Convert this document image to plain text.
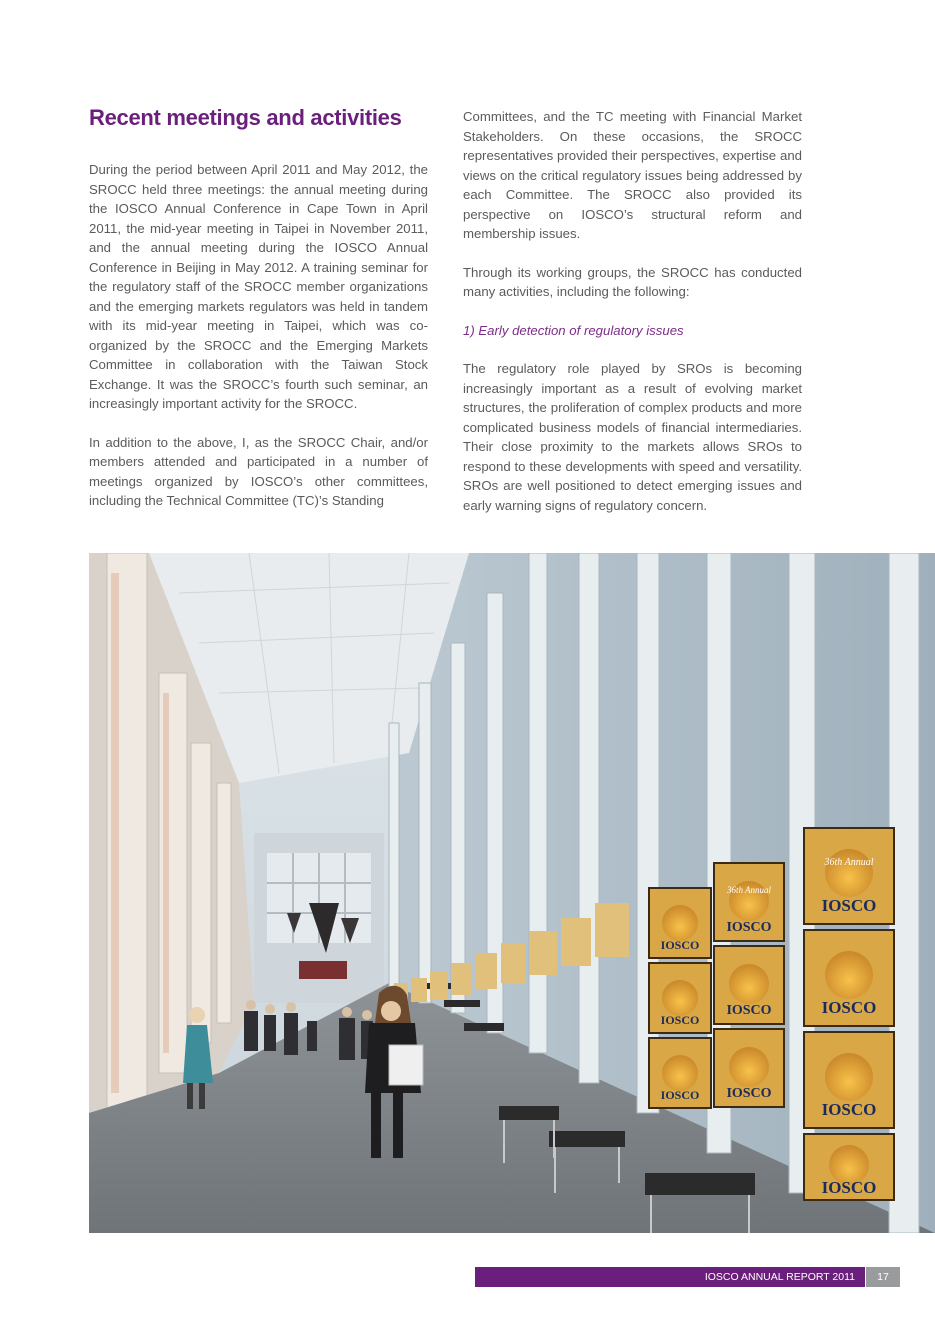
Recent meetings and activities

During the period between April 2011 and May 2012, the SROCC held three meetings: the annual meeting during the IOSCO Annual Conference in Cape Town in April 2011, the mid-year meeting in Taipei in November 2011, and the annual meeting during the IOSCO Annual Conference in Beijing in May 2012. A training seminar for the regulatory staff of the SROCC member organizations and the emerging markets regulators was held in tandem with its mid-year meeting in Taipei, which was co-organized by the SROCC and the Emerging Markets Committee in collaboration with the Taiwan Stock Exchange. It was the SROCC’s fourth such seminar, an increasingly important activity for the SROCC.

In addition to the above, I, as the SROCC Chair, and/or members attended and participated in a number of meetings organized by IOSCO’s other committees, including the Technical Committee (TC)’s Standing

Committees, and the TC meeting with Financial Market Stakeholders. On these occasions, the SROCC representatives provided their perspectives, expertise and views on the critical regulatory issues being addressed by each Committee. The SROCC also provided its perspective on IOSCO’s structural reform and membership issues.

Through its working groups, the SROCC has conducted many activities, including the following:

1) Early detection of regulatory issues

The regulatory role played by SROs is becoming increasingly important as a result of evolving market structures, the proliferation of complex products and more complicated business models of financial intermediaries. Their close proximity to the markets allows SROs to respond to these developments with speed and versatility. SROs are well positioned to detect emerging issues and early warning signs of regulatory concern.

IOSCO
IOSCO
IOSCO
36th Annual
IOSCO
IOSCO
IOSCO
36th Annual
IOSCO
IOSCO
IOSCO
IOSCO
IOSCO ANNUAL REPORT 2011	17
